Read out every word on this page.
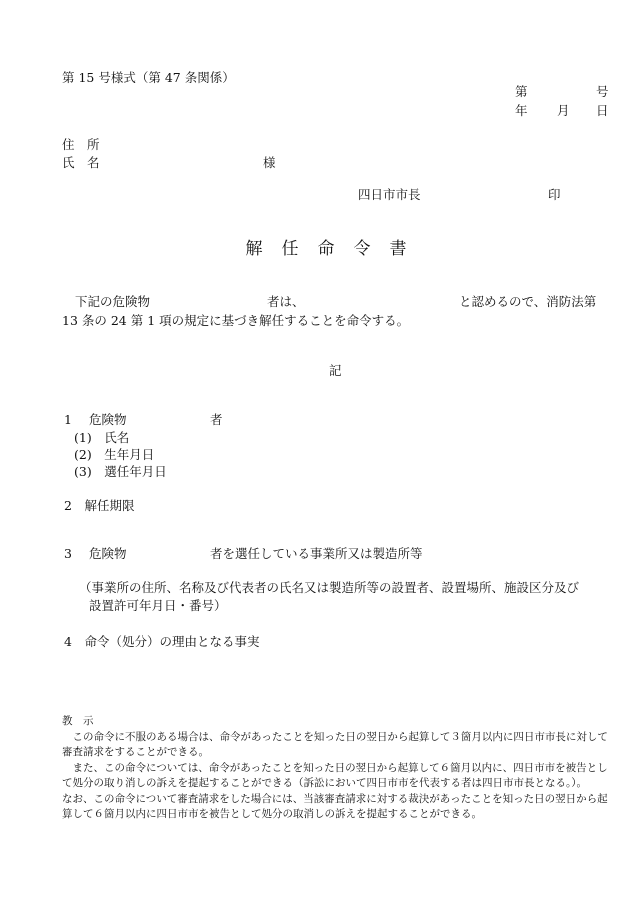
第 15 号様式（第 47 条関係）
第	号
年 月 日
住　所
氏　名	様
四日市市長	印
解 任 命 令 書
下記の危険物	者は、	と認めるので、消防法第
13 条の 24 第 1 項の規定に基づき解任することを命令する。
記
1 危険物	者
(1)　氏名
(2)　生年月日
(3)　選任年月日
2　解任期限
3 危険物	者を選任している事業所又は製造所等
（事業所の住所、名称及び代表者の氏名又は製造所等の設置者、設置場所、施設区分及び
設置許可年月日・番号）
4　命令（処分）の理由となる事実
教　示
　この命令に不服のある場合は、命令があったことを知った日の翌日から起算して３箇月以内に四日市市長に対して
審査請求をすることができる。
　また、この命令については、命令があったことを知った日の翌日から起算して６箇月以内に、四日市市を被告とし
て処分の取り消しの訴えを提起することができる（訴訟において四日市市を代表する者は四日市市長となる。）。
なお、この命令について審査請求をした場合には、当該審査請求に対する裁決があったことを知った日の翌日から起
算して６箇月以内に四日市市を被告として処分の取消しの訴えを提起することができる。
